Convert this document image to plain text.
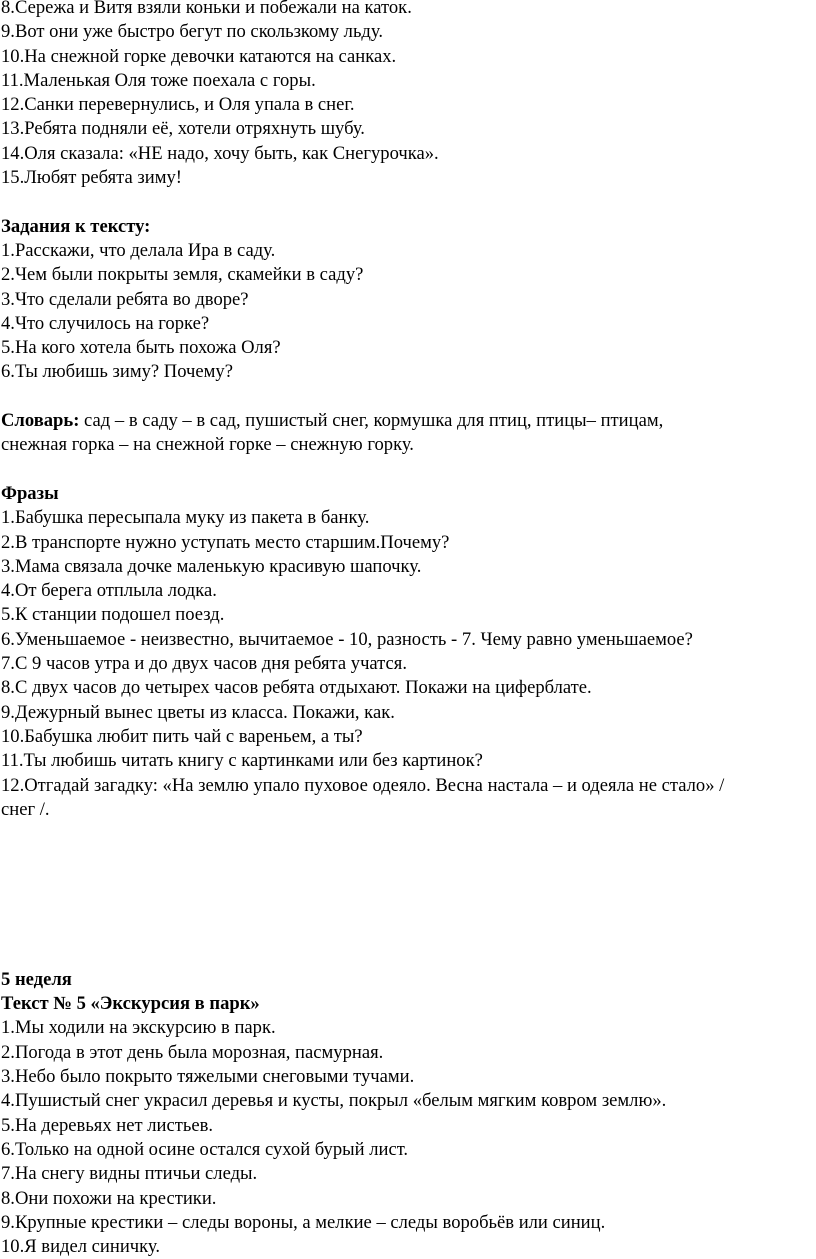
8.Сережа и Витя взяли коньки и побежали на каток.
9.Вот они уже быстро бегут по скользкому льду.
10.На снежной горке девочки катаются на санках.
11.Маленькая Оля тоже поехала с горы.
12.Санки перевернулись, и Оля упала в снег.
13.Ребята подняли её, хотели отряхнуть шубу.
14.Оля сказала: «НЕ надо, хочу быть, как Снегурочка».
15.Любят ребята зиму!
Задания к тексту:
1.Расскажи, что делала Ира в саду.
2.Чем были покрыты земля, скамейки в саду?
3.Что сделали ребята во дворе?
4.Что случилось на горке?
5.На кого хотела быть похожа Оля?
6.Ты любишь зиму? Почему?
Словарь: сад – в саду – в сад, пушистый снег, кормушка для птиц, птицы– птицам,
снежная горка – на снежной горке – снежную горку.
Фразы
1.Бабушка пересыпала муку из пакета в банку.
2.В транспорте нужно уступать место старшим.Почему?
3.Мама связала дочке маленькую красивую шапочку.
4.От берега отплыла лодка.
5.К станции подошел поезд.
6.Уменьшаемое - неизвестно, вычитаемое - 10, разность - 7. Чему равно уменьшаемое?
7.С 9 часов утра и до двух часов дня ребята учатся.
8.С двух часов до четырех часов ребята отдыхают. Покажи на циферблате.
9.Дежурный вынес цветы из класса. Покажи, как.
10.Бабушка любит пить чай с вареньем, а ты?
11.Ты любишь читать книгу с картинками или без картинок?
12.Отгадай загадку: «На землю упало пуховое одеяло. Весна настала – и одеяла не стало» /
снег /.
5 неделя
Текст № 5 «Экскурсия в парк»
1.Мы ходили на экскурсию в парк.
2.Погода в этот день была морозная, пасмурная.
3.Небо было покрыто тяжелыми снеговыми тучами.
4.Пушистый снег украсил деревья и кусты, покрыл «белым мягким ковром землю».
5.На деревьях нет листьев.
6.Только на одной осине остался сухой бурый лист.
7.На снегу видны птичьи следы.
8.Они похожи на крестики.
9.Крупные крестики – следы вороны, а мелкие – следы воробьёв или синиц.
10.Я видел синичку.
